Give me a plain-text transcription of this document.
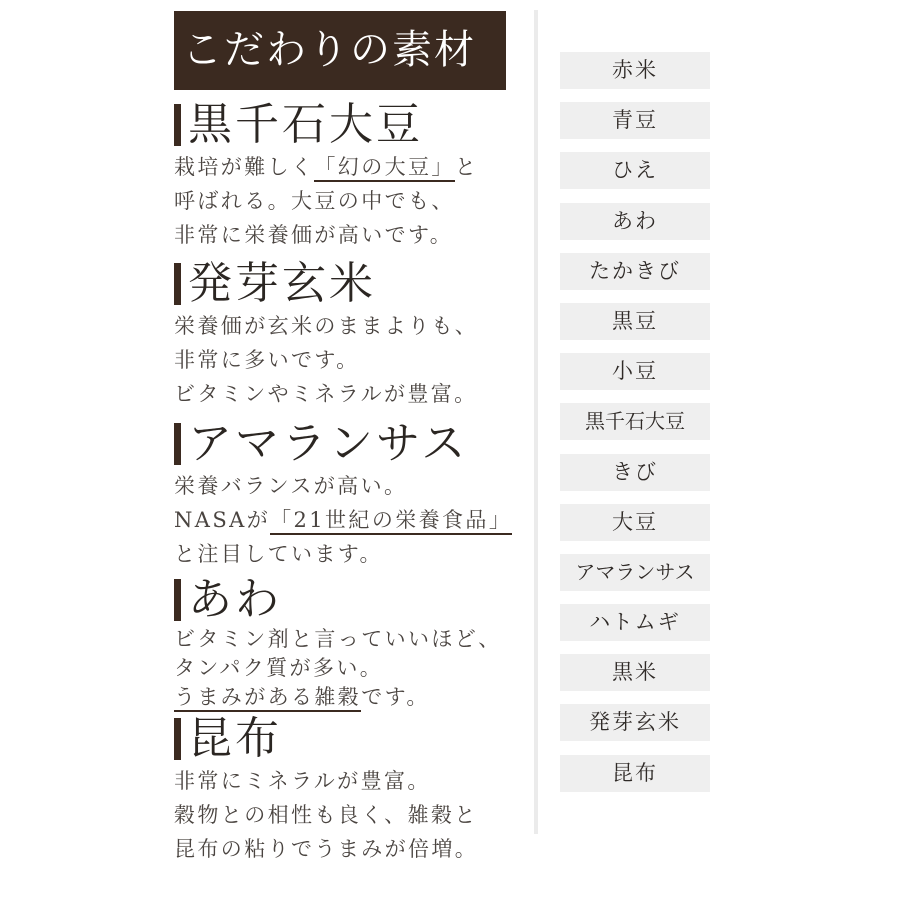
こだわりの素材
黒千石大豆

栽培が難しく「幻の大豆」と

呼ばれる。大豆の中でも、

非常に栄養価が高いです。

発芽玄米

栄養価が玄米のままよりも、

非常に多いです。

ビタミンやミネラルが豊富。

アマランサス

栄養バランスが高い。

NASAが「21世紀の栄養食品」

と注目しています。

あわ

ビタミン剤と言っていいほど、

タンパク質が多い。

うまみがある雑穀です。

昆布

非常にミネラルが豊富。

穀物との相性も良く、雑穀と

昆布の粘りでうまみが倍増。

赤米
青豆
ひえ
あわ
たかきび
黒豆
小豆
黒千石大豆
きび
大豆
アマランサス
ハトムギ
黒米
発芽玄米
昆布
